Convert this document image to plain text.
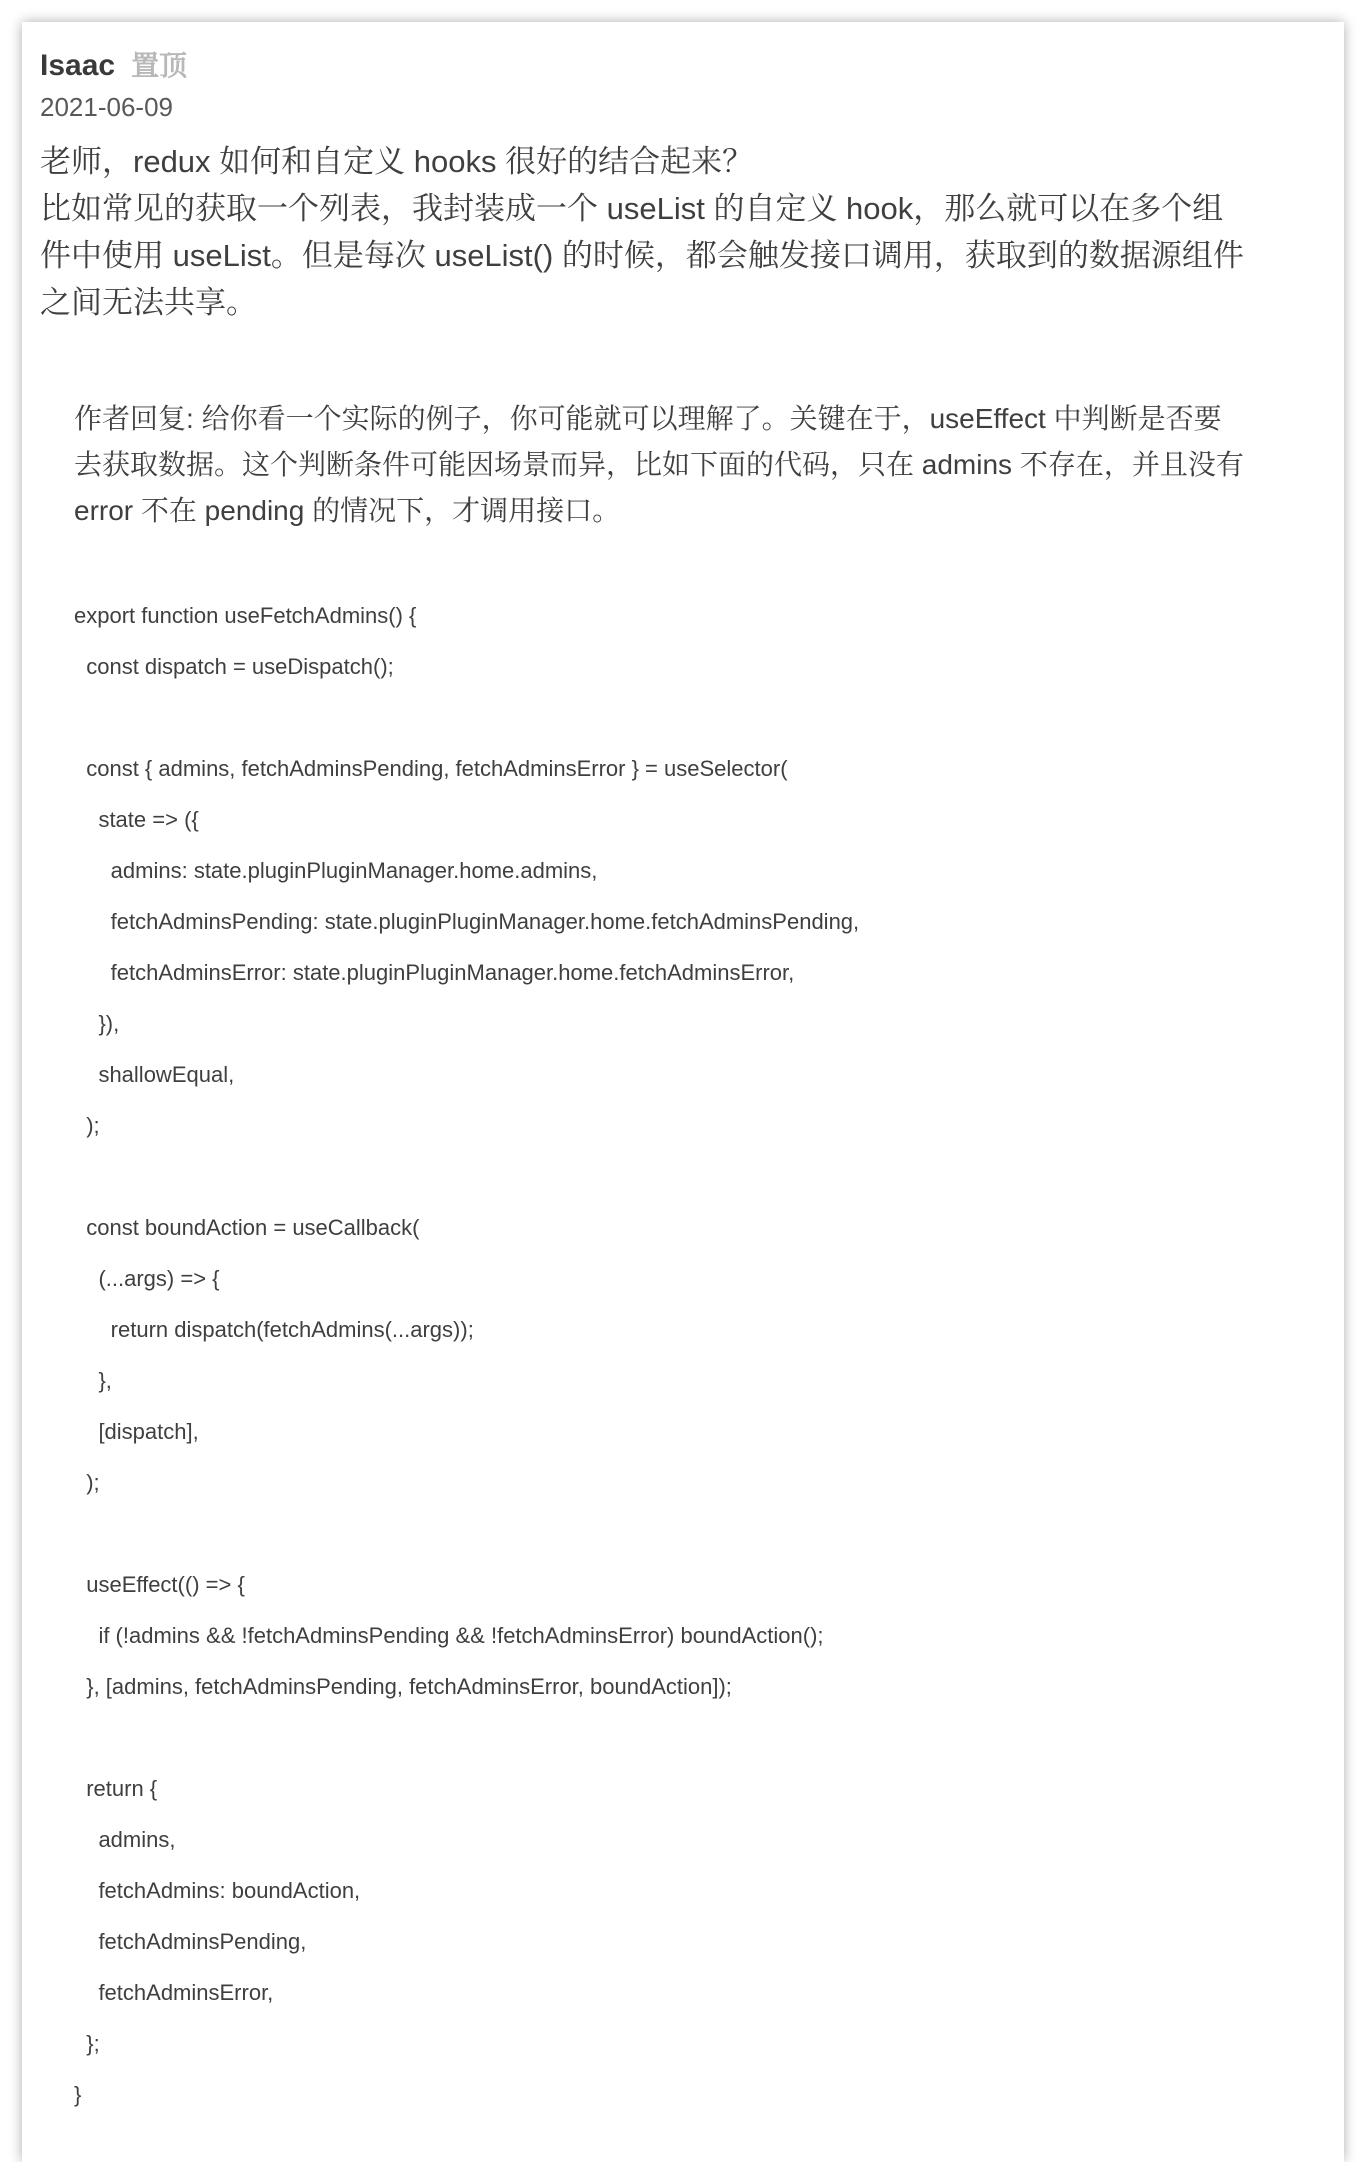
Isaac 置顶
2021-06-09

老师，redux 如何和自定义 hooks 很好的结合起来？

比如常见的获取一个列表，我封装成一个 useList 的自定义 hook，那么就可以在多个组件中使用 useList。但是每次 useList() 的时候，都会触发接口调用，获取到的数据源组件之间无法共享。

作者回复: 给你看一个实际的例子，你可能就可以理解了。关键在于，useEffect 中判断是否要去获取数据。这个判断条件可能因场景而异，比如下面的代码，只在 admins 不存在，并且没有 error 不在 pending 的情况下，才调用接口。
export function useFetchAdmins() {
const dispatch = useDispatch();
const { admins, fetchAdminsPending, fetchAdminsError } = useSelector(
state => ({
admins: state.pluginPluginManager.home.admins,
fetchAdminsPending: state.pluginPluginManager.home.fetchAdminsPending,
fetchAdminsError: state.pluginPluginManager.home.fetchAdminsError,
}),
shallowEqual,
);
const boundAction = useCallback(
(...args) => {
return dispatch(fetchAdmins(...args));
},
[dispatch],
);
useEffect(() => {
if (!admins && !fetchAdminsPending && !fetchAdminsError) boundAction();
}, [admins, fetchAdminsPending, fetchAdminsError, boundAction]);
return {
admins,
fetchAdmins: boundAction,
fetchAdminsPending,
fetchAdminsError,
};
}
